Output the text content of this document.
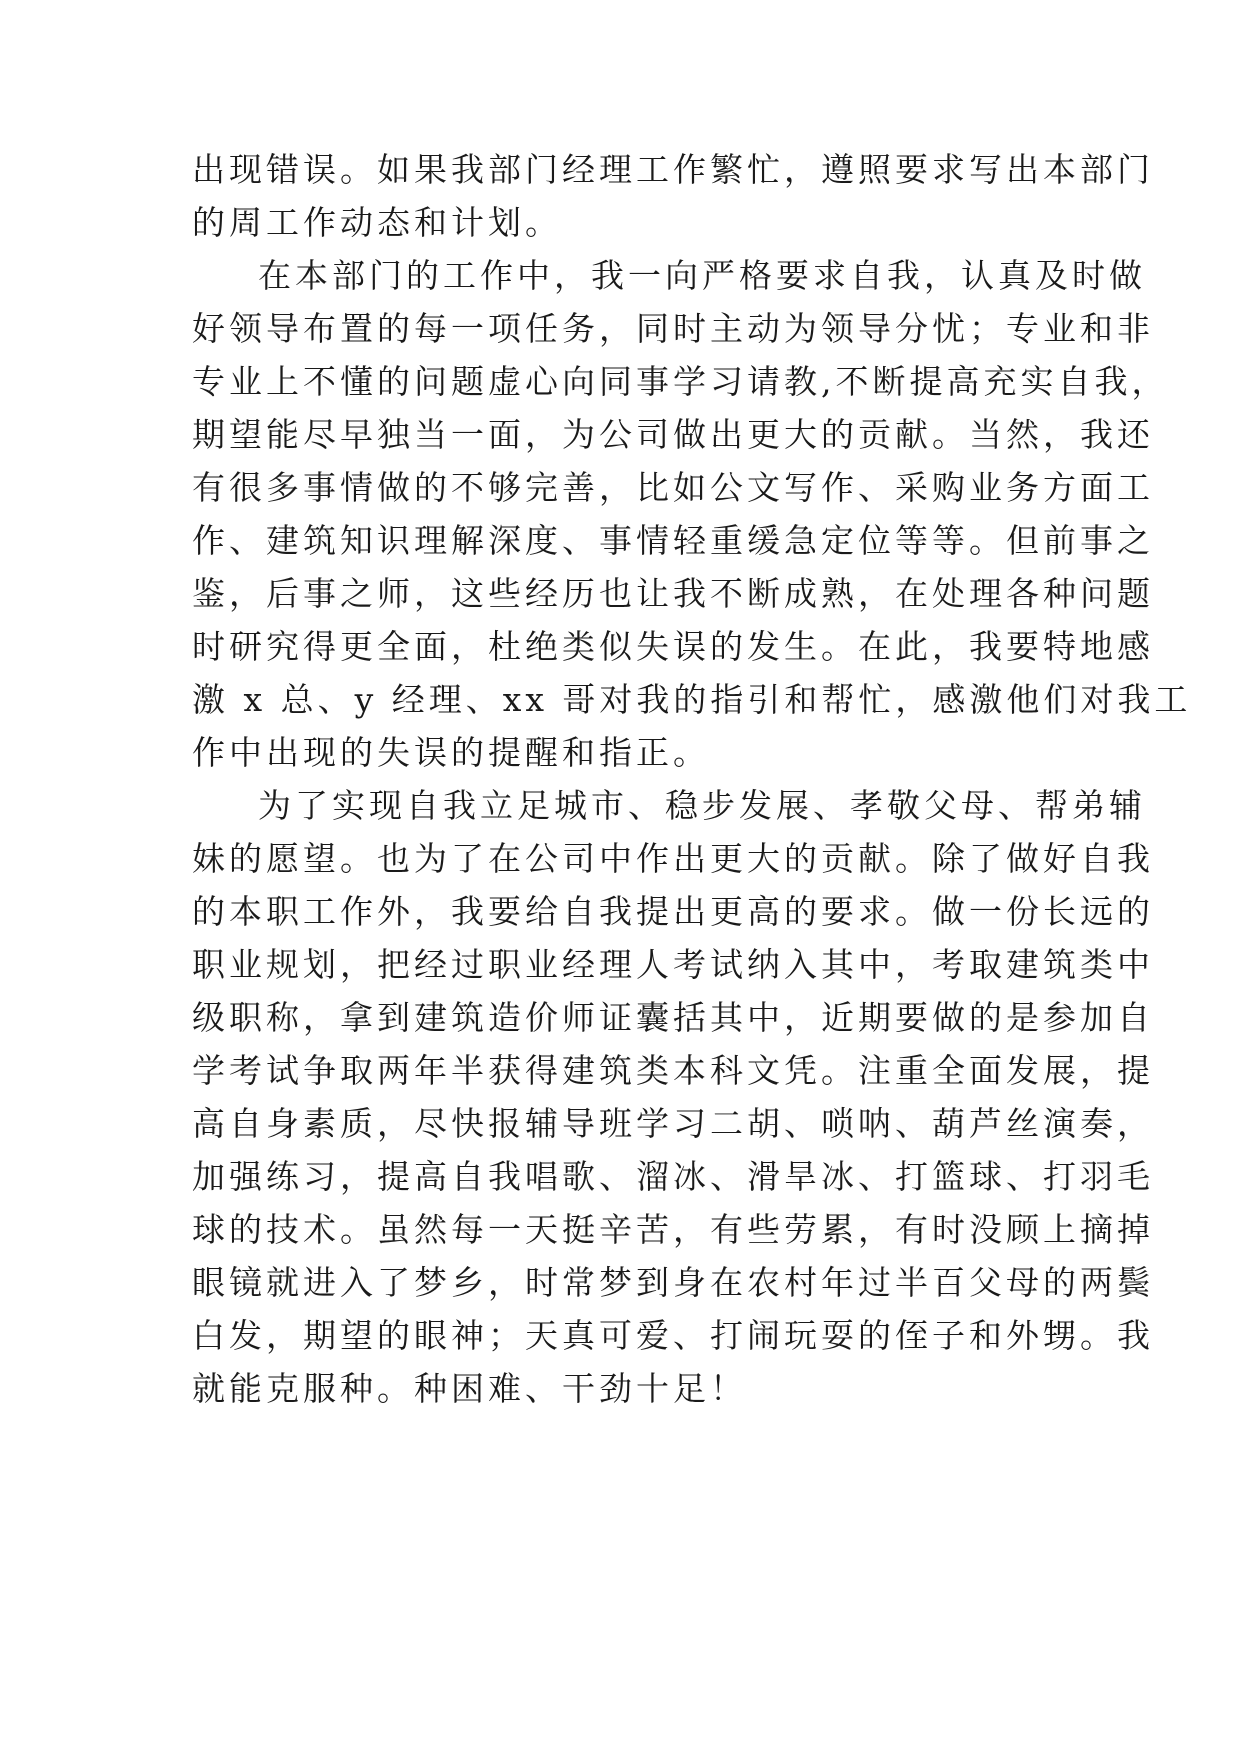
出现错误。如果我部门经理工作繁忙，遵照要求写出本部门
的周工作动态和计划。
在本部门的工作中，我一向严格要求自我，认真及时做
好领导布置的每一项任务，同时主动为领导分忧；专业和非
专业上不懂的问题虚心向同事学习请教,不断提高充实自我，
期望能尽早独当一面，为公司做出更大的贡献。当然，我还
有很多事情做的不够完善，比如公文写作、采购业务方面工
作、建筑知识理解深度、事情轻重缓急定位等等。但前事之
鉴，后事之师，这些经历也让我不断成熟，在处理各种问题
时研究得更全面，杜绝类似失误的发生。在此，我要特地感
激 x 总、y 经理、xx 哥对我的指引和帮忙，感激他们对我工
作中出现的失误的提醒和指正。
为了实现自我立足城市、稳步发展、孝敬父母、帮弟辅
妹的愿望。也为了在公司中作出更大的贡献。除了做好自我
的本职工作外，我要给自我提出更高的要求。做一份长远的
职业规划，把经过职业经理人考试纳入其中，考取建筑类中
级职称，拿到建筑造价师证囊括其中，近期要做的是参加自
学考试争取两年半获得建筑类本科文凭。注重全面发展，提
高自身素质，尽快报辅导班学习二胡、唢呐、葫芦丝演奏，
加强练习，提高自我唱歌、溜冰、滑旱冰、打篮球、打羽毛
球的技术。虽然每一天挺辛苦，有些劳累，有时没顾上摘掉
眼镜就进入了梦乡，时常梦到身在农村年过半百父母的两鬓
白发，期望的眼神；天真可爱、打闹玩耍的侄子和外甥。我
就能克服种。种困难、干劲十足！
